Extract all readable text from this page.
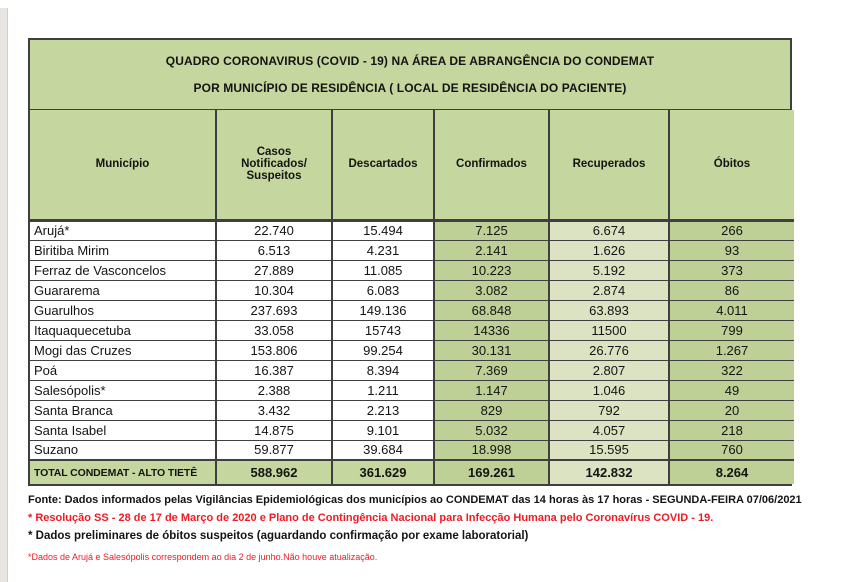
QUADRO CORONAVIRUS (COVID - 19) NA ÁREA DE ABRANGÊNCIA DO CONDEMAT
POR MUNICÍPIO DE RESIDÊNCIA ( LOCAL DE RESIDÊNCIA DO PACIENTE)
Município	Casos Notificados/ Suspeitos	Descartados	Confirmados	Recuperados	Óbitos
Arujá*	22.740	15.494	7.125	6.674	266
Biritiba Mirim	6.513	4.231	2.141	1.626	93
Ferraz de Vasconcelos	27.889	11.085	10.223	5.192	373
Guararema	10.304	6.083	3.082	2.874	86
Guarulhos	237.693	149.136	68.848	63.893	4.011
Itaquaquecetuba	33.058	15743	14336	11500	799
Mogi das Cruzes	153.806	99.254	30.131	26.776	1.267
Poá	16.387	8.394	7.369	2.807	322
Salesópolis*	2.388	1.211	1.147	1.046	49
Santa Branca	3.432	2.213	829	792	20
Santa Isabel	14.875	9.101	5.032	4.057	218
Suzano	59.877	39.684	18.998	15.595	760
TOTAL CONDEMAT - ALTO TIETÊ	588.962	361.629	169.261	142.832	8.264
Fonte: Dados informados pelas Vigilâncias Epidemiológicas dos municípios ao CONDEMAT das 14 horas às 17 horas - SEGUNDA-FEIRA 07/06/2021
* Resolução SS - 28 de 17 de Março de 2020 e Plano de Contingência Nacional para Infecção Humana pelo Coronavírus COVID - 19.
* Dados preliminares de óbitos suspeitos (aguardando confirmação por exame laboratorial)
*Dados de Arujá e Salesópolis correspondem ao dia 2 de junho.Não houve atualização.
